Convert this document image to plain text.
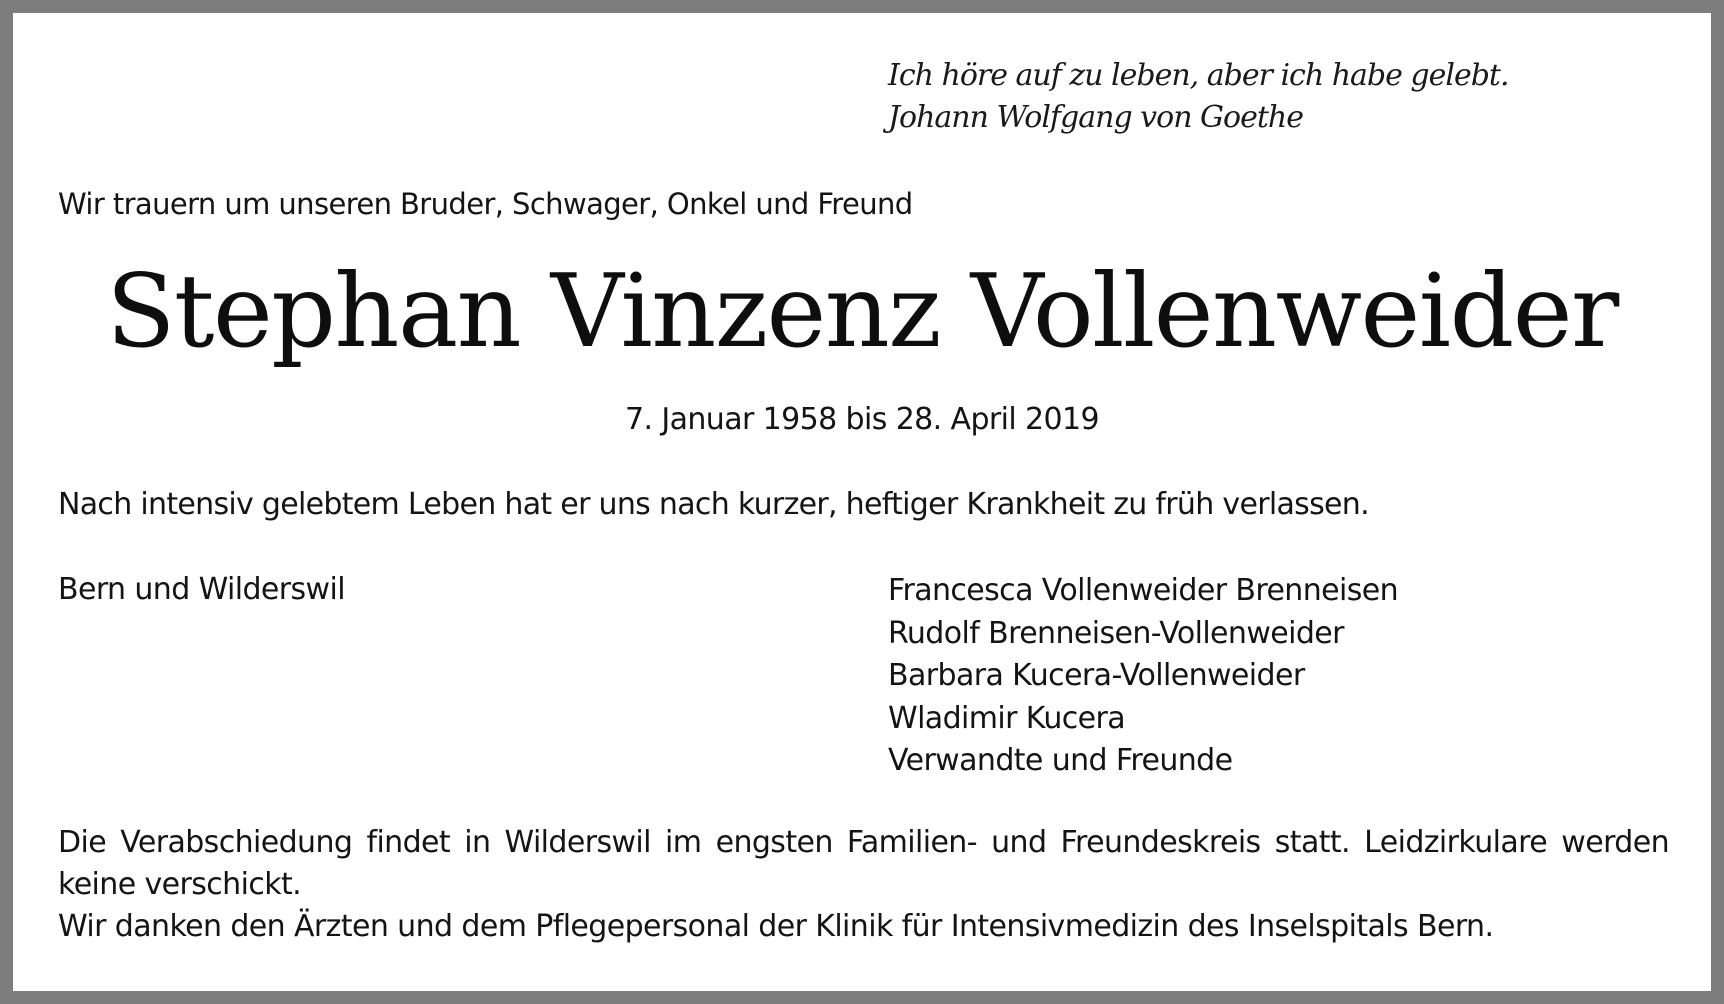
Ich höre auf zu leben, aber ich habe gelebt.
Johann Wolfgang von Goethe
Wir trauern um unseren Bruder, Schwager, Onkel und Freund
Stephan Vinzenz Vollenweider
7. Januar 1958 bis 28. April 2019
Nach intensiv gelebtem Leben hat er uns nach kurzer, heftiger Krankheit zu früh verlassen.
Bern und Wilderswil	Francesca Vollenweider Brenneisen
Rudolf Brenneisen-Vollenweider
Barbara Kucera-Vollenweider
Wladimir Kucera
Verwandte und Freunde
Die Verabschiedung findet in Wilderswil im engsten Familien- und Freundeskreis statt. Leidzirkulare werden keine verschickt.
Wir danken den Ärzten und dem Pflegepersonal der Klinik für Intensivmedizin des Inselspitals Bern.
